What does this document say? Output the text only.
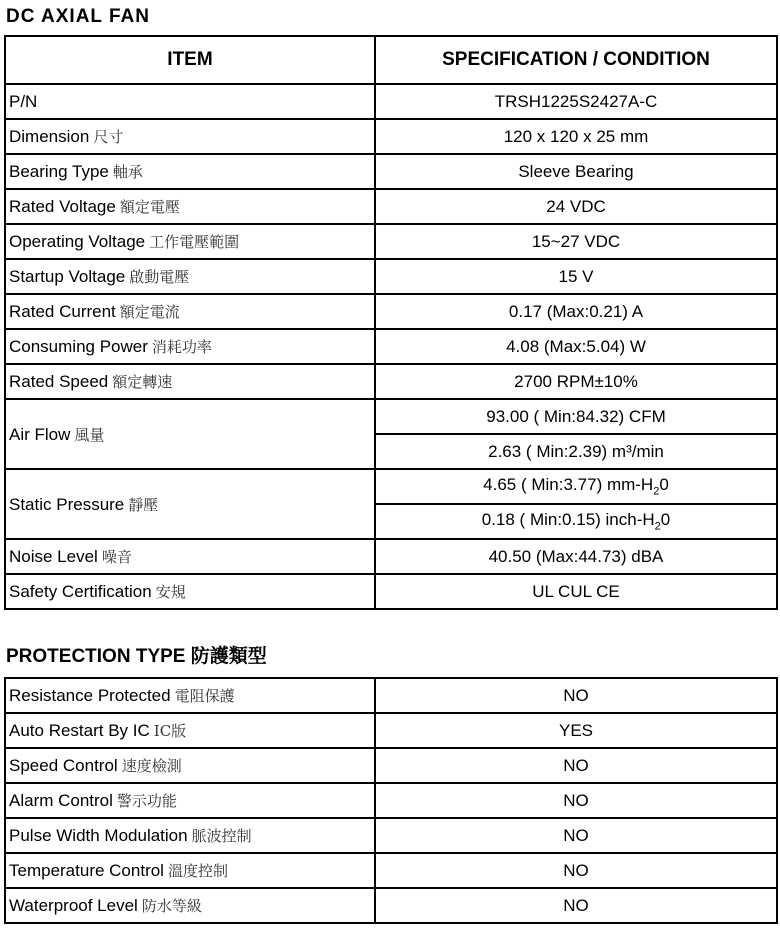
DC AXIAL FAN
ITEM	SPECIFICATION / CONDITION
P/N	TRSH1225S2427A-C
Dimension 尺寸	120 x 120 x 25 mm
Bearing Type 軸承	Sleeve Bearing
Rated Voltage 額定電壓	24 VDC
Operating Voltage 工作電壓範圍	15~27 VDC
Startup Voltage 啟動電壓	15 V
Rated Current 額定電流	0.17 (Max:0.21) A
Consuming Power 消耗功率	4.08 (Max:5.04) W
Rated Speed 額定轉速	2700 RPM±10%
Air Flow 風量	93.00 ( Min:84.32) CFM
	2.63 ( Min:2.39) m³/min
Static Pressure 靜壓	4.65 ( Min:3.77) $mm-H_20$
	0.18 ( Min:0.15) inch-$H_20$
Noise Level 噪音	40.50 (Max:44.73) dBA
Safety Certification 安規	UL CUL CE
PROTECTION TYPE 防護類型
Resistance Protected 電阻保護	NO
Auto Restart By IC IC版	YES
Speed Control 速度檢測	NO
Alarm Control 警示功能	NO
Pulse Width Modulation 脈波控制	NO
Temperature Control 溫度控制	NO
Waterproof Level 防水等級	NO
